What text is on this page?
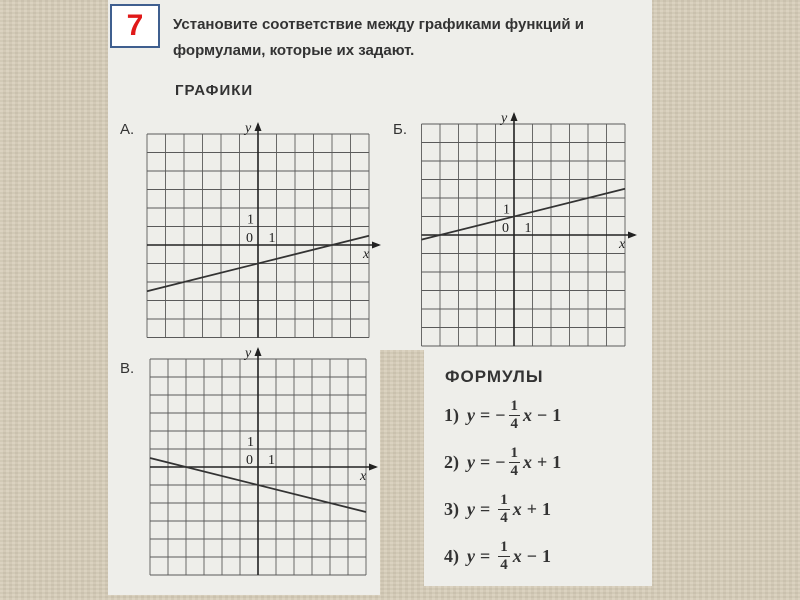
7	Установите соответствие между графиками функций и
формулами, которые их задают.
ГРАФИКИ
А.
x
y
0
1
1
Б.
x
y
0
1
1
В.
x
y
0
1
1
ФОРМУЛЫ
1) y = − $\frac{1}{4}$ x − 1
2) y = − $\frac{1}{4}$ x + 1
3) $y = \frac{1}{4}$ x + 1
4) $y = \frac{1}{4}$ x − 1
